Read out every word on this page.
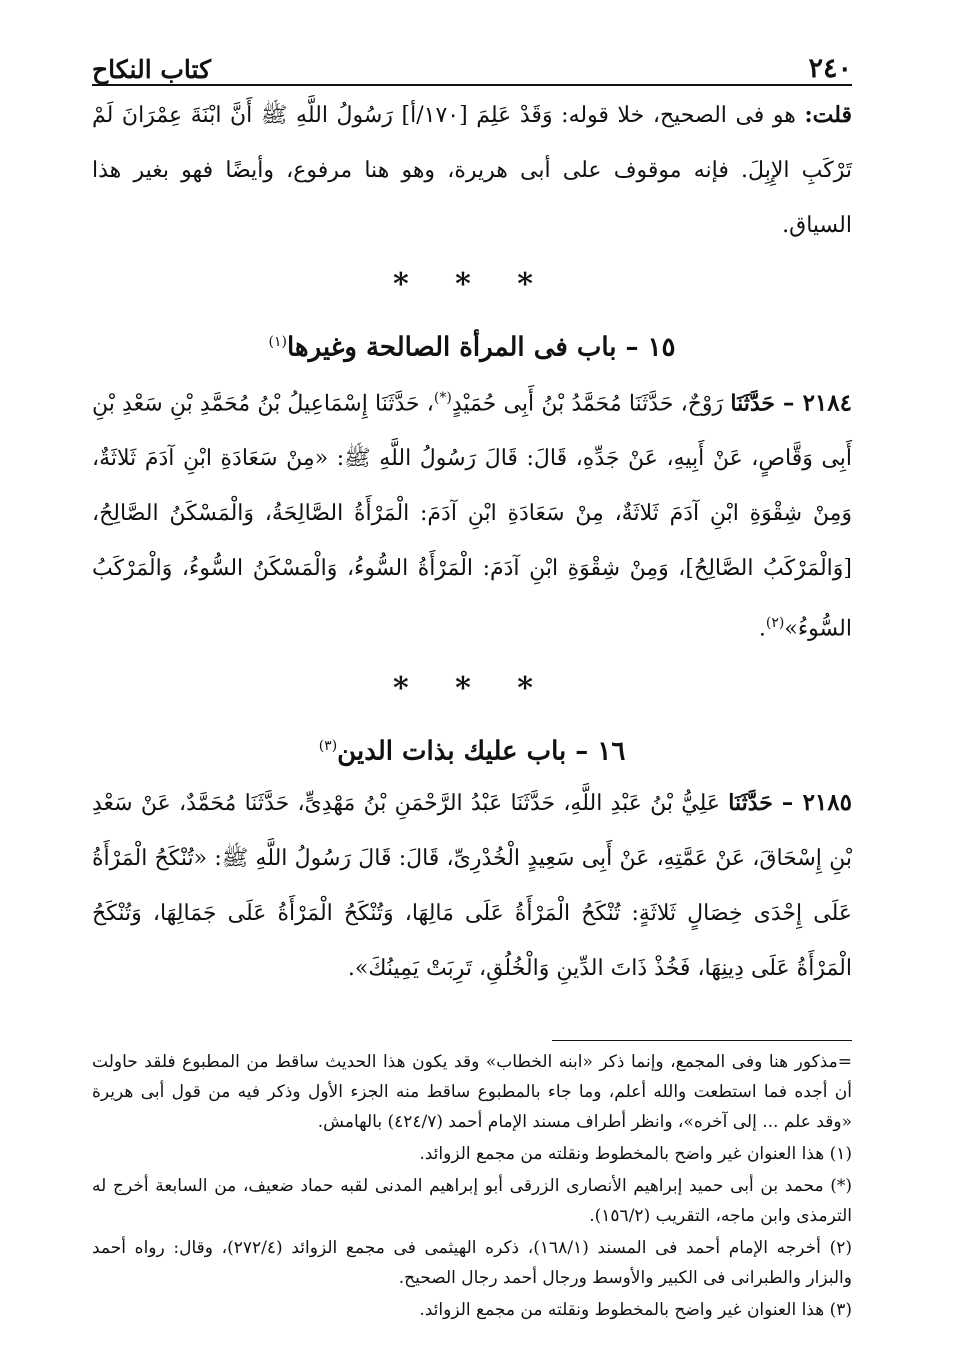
٢٤٠
كتاب النكاح

قلت: هو فى الصحيح، خلا قوله: وَقَدْ عَلِمَ [١٧٠/أ] رَسُولُ اللَّهِ ﷺ أَنَّ ابْنَةَ عِمْرَانَ لَمْ تَرْكَبِ الإِبِلَ. فإنه موقوف على أبى هريرة، وهو هنا مرفوع، وأيضًا فهو بغير هذا السياق.

* * *
١٥ – باب فى المرأة الصالحة وغيرها$^{(١)}$

٢١٨٤ – حَدَّثَنَا رَوْحٌ، حَدَّثَنَا مُحَمَّدُ بْنُ أَبِى حُمَيْدٍ(*)، حَدَّثَنَا إِسْمَاعِيلُ بْنُ مُحَمَّدِ بْنِ سَعْدِ بْنِ أَبِى وَقَّاصٍ، عَنْ أَبِيهِ، عَنْ جَدِّهِ، قَالَ: قَالَ رَسُولُ اللَّهِ ﷺ: «مِنْ سَعَادَةِ ابْنِ آدَمَ ثَلاثَةٌ، وَمِنْ شِقْوَةِ ابْنِ آدَمَ ثَلاثَةٌ، مِنْ سَعَادَةِ ابْنِ آدَمَ: الْمَرْأَةُ الصَّالِحَةُ، وَالْمَسْكَنُ الصَّالِحُ، [وَالْمَرْكَبُ الصَّالِحُ]، وَمِنْ شِقْوَةِ ابْنِ آدَمَ: الْمَرْأَةُ السُّوءُ، وَالْمَسْكَنُ السُّوءُ، وَالْمَرْكَبُ السُّوءُ»$^{(٢)}$.

* * *
١٦ – باب عليك بذات الدين$^{(٣)}$

٢١٨٥ – حَدَّثَنَا عَلِيُّ بْنُ عَبْدِ اللَّهِ، حَدَّثَنَا عَبْدُ الرَّحْمَنِ بْنُ مَهْدِىٍّ، حَدَّثَنَا مُحَمَّدٌ، عَنْ سَعْدِ بْنِ إِسْحَاقَ، عَنْ عَمَّتِهِ، عَنْ أَبِى سَعِيدٍ الْخُدْرِىِّ، قَالَ: قَالَ رَسُولُ اللَّهِ ﷺ: «تُنْكَحُ الْمَرْأَةُ عَلَى إِحْدَى خِصَالٍ ثَلاثَةٍ: تُنْكَحُ الْمَرْأَةُ عَلَى مَالِهَا، وَتُنْكَحُ الْمَرْأَةُ عَلَى جَمَالِهَا، وَتُنْكَحُ الْمَرْأَةُ عَلَى دِينِهَا، فَخُذْ ذَاتَ الدِّينِ وَالْخُلُقِ، تَرِبَتْ يَمِينُكَ».

=مذكور هنا وفى المجمع، وإنما ذكر «ابنه الخطاب» وقد يكون هذا الحديث ساقط من المطبوع فلقد حاولت أن أجده فما استطعت والله أعلم، وما جاء بالمطبوع ساقط منه الجزء الأول وذكر فيه من قول أبى هريرة «وقد علم ... إلى آخره»، وانظر أطراف مسند الإمام أحمد (٤٢٤/٧) بالهامش.

(١) هذا العنوان غير واضح بالمخطوط ونقلته من مجمع الزوائد.

(*) محمد بن أبى حميد إبراهيم الأنصارى الزرقى أبو إبراهيم المدنى لقبه حماد ضعيف، من السابعة أخرج له الترمذى وابن ماجه، التقريب (١٥٦/٢).

(٢) أخرجه الإمام أحمد فى المسند (١٦٨/١)، ذكره الهيثمى فى مجمع الزوائد (٢٧٢/٤)، وقال: رواه أحمد والبزار والطبرانى فى الكبير والأوسط ورجال أحمد رجال الصحيح.

(٣) هذا العنوان غير واضح بالمخطوط ونقلته من مجمع الزوائد.
